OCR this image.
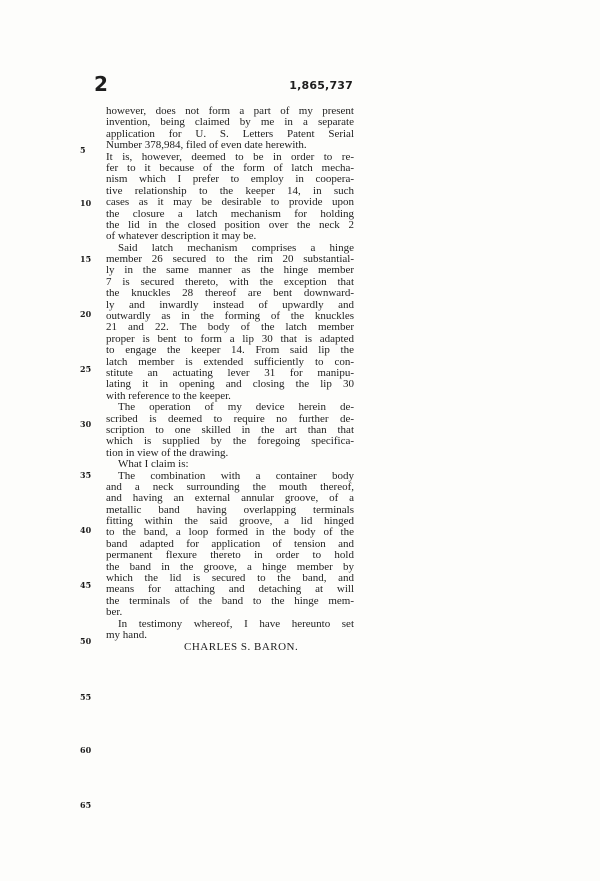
2	1,865,737
however, does not form a part of my present
invention, being claimed by me in a separate
application for U. S. Letters Patent Serial
Number 378,984, filed of even date herewith.
It is, however, deemed to be in order to re-
fer to it because of the form of latch mecha-
nism which I prefer to employ in coopera-
tive relationship to the keeper 14, in such
cases as it may be desirable to provide upon
the closure a latch mechanism for holding
the lid in the closed position over the neck 2
of whatever description it may be.
Said latch mechanism comprises a hinge
member 26 secured to the rim 20 substantial-
ly in the same manner as the hinge member
7 is secured thereto, with the exception that
the knuckles 28 thereof are bent downward-
ly and inwardly instead of upwardly and
outwardly as in the forming of the knuckles
21 and 22. The body of the latch member
proper is bent to form a lip 30 that is adapted
to engage the keeper 14. From said lip the
latch member is extended sufficiently to con-
stitute an actuating lever 31 for manipu-
lating it in opening and closing the lip 30
with reference to the keeper.
The operation of my device herein de-
scribed is deemed to require no further de-
scription to one skilled in the art than that
which is supplied by the foregoing specifica-
tion in view of the drawing.
What I claim is:
The combination with a container body
and a neck surrounding the mouth thereof,
and having an external annular groove, of a
metallic band having overlapping terminals
fitting within the said groove, a lid hinged
to the band, a loop formed in the body of the
band adapted for application of tension and
permanent flexure thereto in order to hold
the band in the groove, a hinge member by
which the lid is secured to the band, and
means for attaching and detaching at will
the terminals of the band to the hinge mem-
ber.
In testimony whereof, I have hereunto set
my hand.
CHARLES S. BARON.
5
10
15
20
25
30
35
40
45
50
55
60
65
